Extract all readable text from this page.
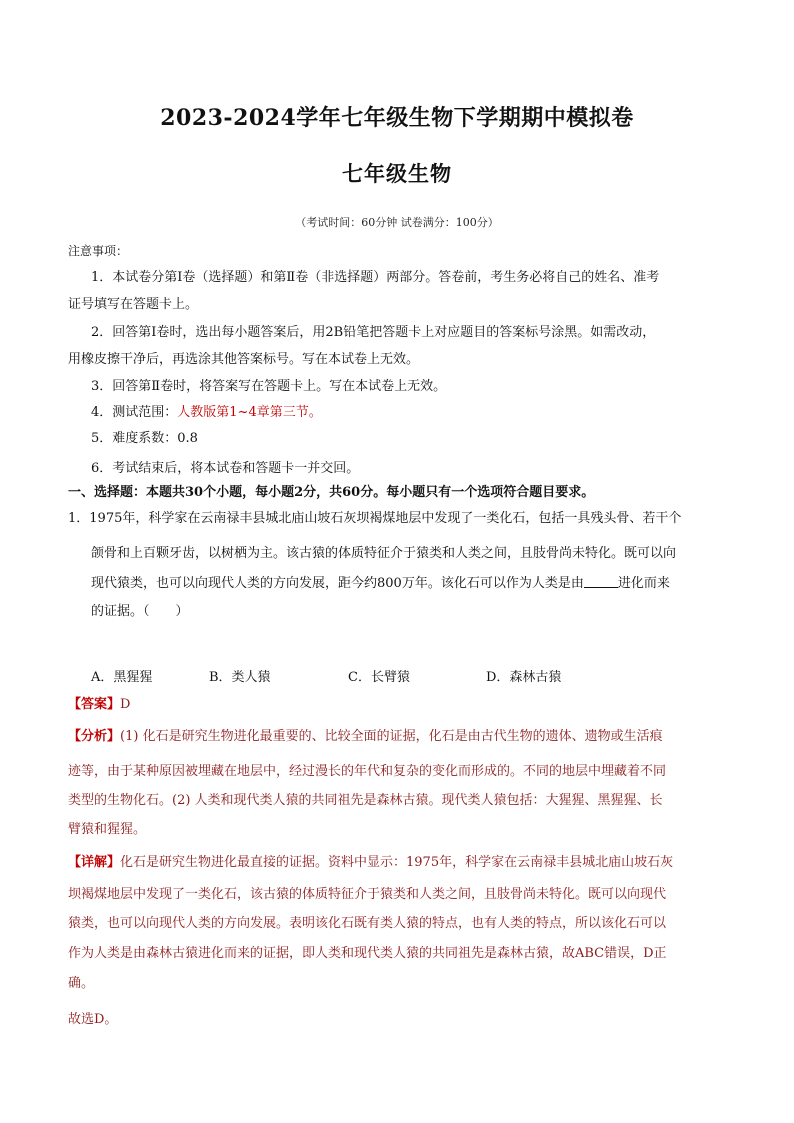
2023-2024学年七年级生物下学期期中模拟卷
七年级生物
（考试时间：60分钟 试卷满分：100分）
注意事项：
1．本试卷分第Ⅰ卷（选择题）和第Ⅱ卷（非选择题）两部分。答卷前，考生务必将自己的姓名、准考
证号填写在答题卡上。
2．回答第Ⅰ卷时，选出每小题答案后，用2B铅笔把答题卡上对应题目的答案标号涂黑。如需改动，
用橡皮擦干净后，再选涂其他答案标号。写在本试卷上无效。
3．回答第Ⅱ卷时，将答案写在答题卡上。写在本试卷上无效。
4．测试范围：人教版第1~4章第三节。
5．难度系数：0.8
6．考试结束后，将本试卷和答题卡一并交回。
一、选择题：本题共30个小题，每小题2分，共60分。每小题只有一个选项符合题目要求。
1．1975年，科学家在云南禄丰县城北庙山坡石灰坝褐煤地层中发现了一类化石，包括一具残头骨、若干个
颌骨和上百颗牙齿，以树栖为主。该古猿的体质特征介于猿类和人类之间，且肢骨尚未特化。既可以向
现代猿类，也可以向现代人类的方向发展，距今约800万年。该化石可以作为人类是由	进化而来
的证据。（　　）
A．黑猩猩	B．类人猿	C．长臂猿	D．森林古猿
【答案】D
【分析】(1) 化石是研究生物进化最重要的、比较全面的证据，化石是由古代生物的遗体、遗物或生活痕
迹等，由于某种原因被埋藏在地层中，经过漫长的年代和复杂的变化而形成的。不同的地层中埋藏着不同
类型的生物化石。(2) 人类和现代类人猿的共同祖先是森林古猿。现代类人猿包括：大猩猩、黑猩猩、长
臂猿和猩猩。
【详解】化石是研究生物进化最直接的证据。资料中显示：1975年，科学家在云南禄丰县城北庙山坡石灰
坝褐煤地层中发现了一类化石，该古猿的体质特征介于猿类和人类之间，且肢骨尚未特化。既可以向现代
猿类，也可以向现代人类的方向发展。表明该化石既有类人猿的特点，也有人类的特点，所以该化石可以
作为人类是由森林古猿进化而来的证据，即人类和现代类人猿的共同祖先是森林古猿，故ABC错误，D正
确。
故选D。
